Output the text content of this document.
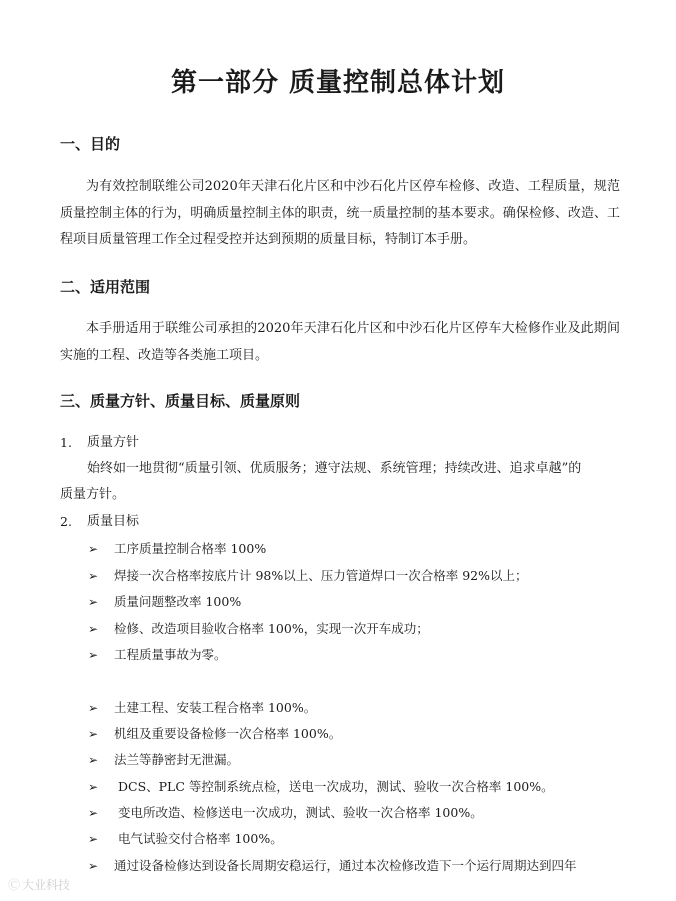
第一部分 质量控制总体计划
一、目的
为有效控制联维公司2020年天津石化片区和中沙石化片区停车检修、改造、工程质量，规范质量控制主体的行为，明确质量控制主体的职责，统一质量控制的基本要求。确保检修、改造、工程项目质量管理工作全过程受控并达到预期的质量目标，特制订本手册。
二、适用范围
本手册适用于联维公司承担的2020年天津石化片区和中沙石化片区停车大检修作业及此期间实施的工程、改造等各类施工项目。
三、质量方针、质量目标、质量原则
1. 质量方针
始终如一地贯彻“质量引领、优质服务；遵守法规、系统管理；持续改进、追求卓越”的
质量方针。
2. 质量目标
➢ 工序质量控制合格率 100%
➢ 焊接一次合格率按底片计 98%以上、压力管道焊口一次合格率 92%以上；
➢ 质量问题整改率 100%
➢ 检修、改造项目验收合格率 100%，实现一次开车成功；
➢ 工程质量事故为零。
➢ 土建工程、安装工程合格率 100%。
➢ 机组及重要设备检修一次合格率 100%。
➢ 法兰等静密封无泄漏。
➢ DCS、PLC 等控制系统点检，送电一次成功，测试、验收一次合格率 100%。
➢ 变电所改造、检修送电一次成功，测试、验收一次合格率 100%。
➢ 电气试验交付合格率 100%。
➢ 通过设备检修达到设备长周期安稳运行，通过本次检修改造下一个运行周期达到四年
Ⓒ 大业科技
